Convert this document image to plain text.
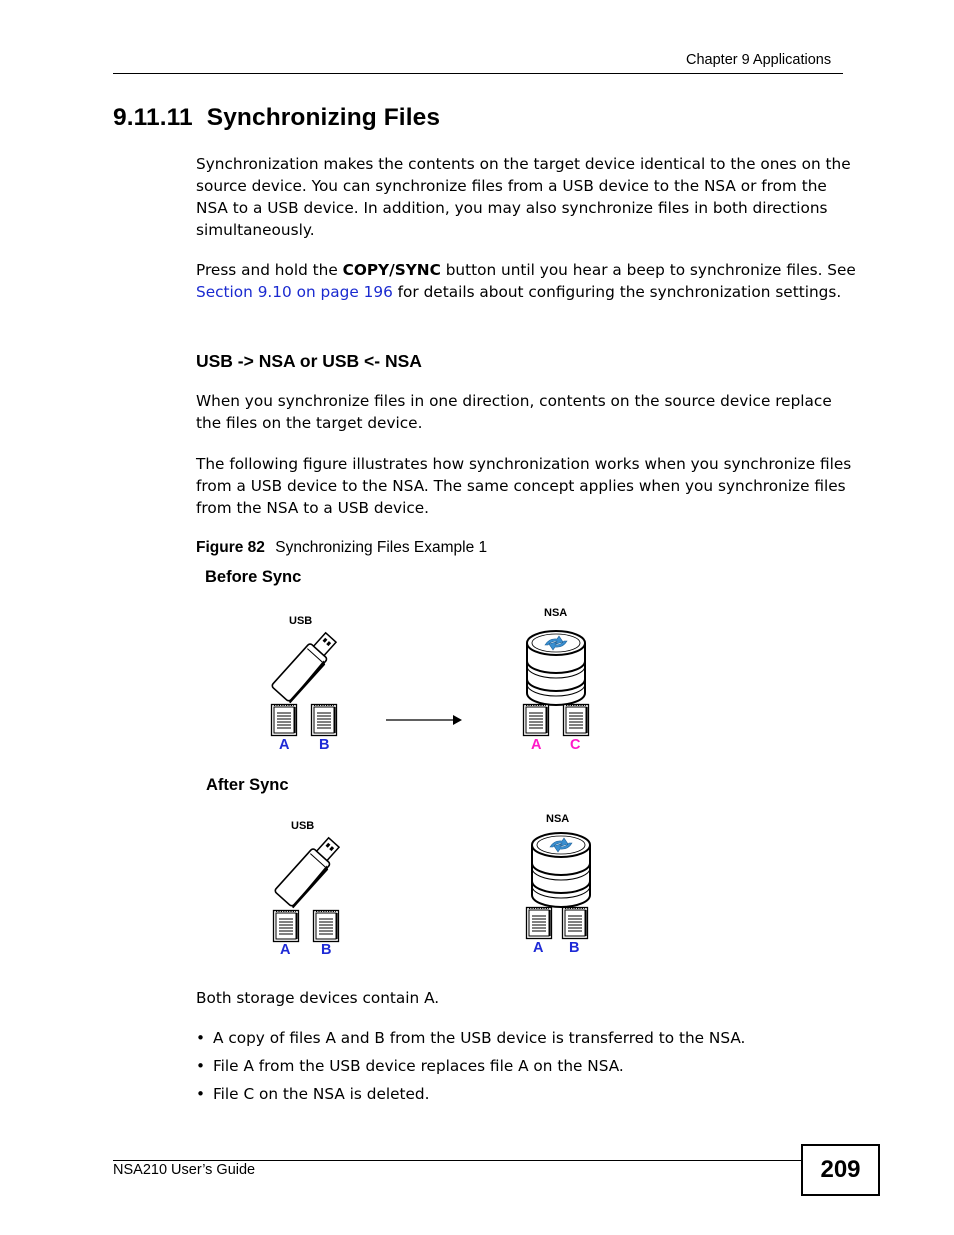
Chapter 9 Applications
9.11.11 Synchronizing Files
Synchronization makes the contents on the target device identical to the ones on the source device. You can synchronize files from a USB device to the NSA or from the NSA to a USB device. In addition, you may also synchronize files in both directions simultaneously.
Press and hold the COPY/SYNC button until you hear a beep to synchronize files. See Section 9.10 on page 196 for details about configuring the synchronization settings.
USB -> NSA or USB <- NSA
When you synchronize files in one direction, contents on the source device replace the files on the target device.
The following figure illustrates how synchronization works when you synchronize files from a USB device to the NSA. The same concept applies when you synchronize files from the NSA to a USB device.
Figure 82 Synchronizing Files Example 1
Before Sync
USB
NSA
A B	A C
After Sync
USB
NSA
A B	A B
Both storage devices contain A.
• A copy of files A and B from the USB device is transferred to the NSA.
• File A from the USB device replaces file A on the NSA.
• File C on the NSA is deleted.
NSA210 User’s Guide	209
